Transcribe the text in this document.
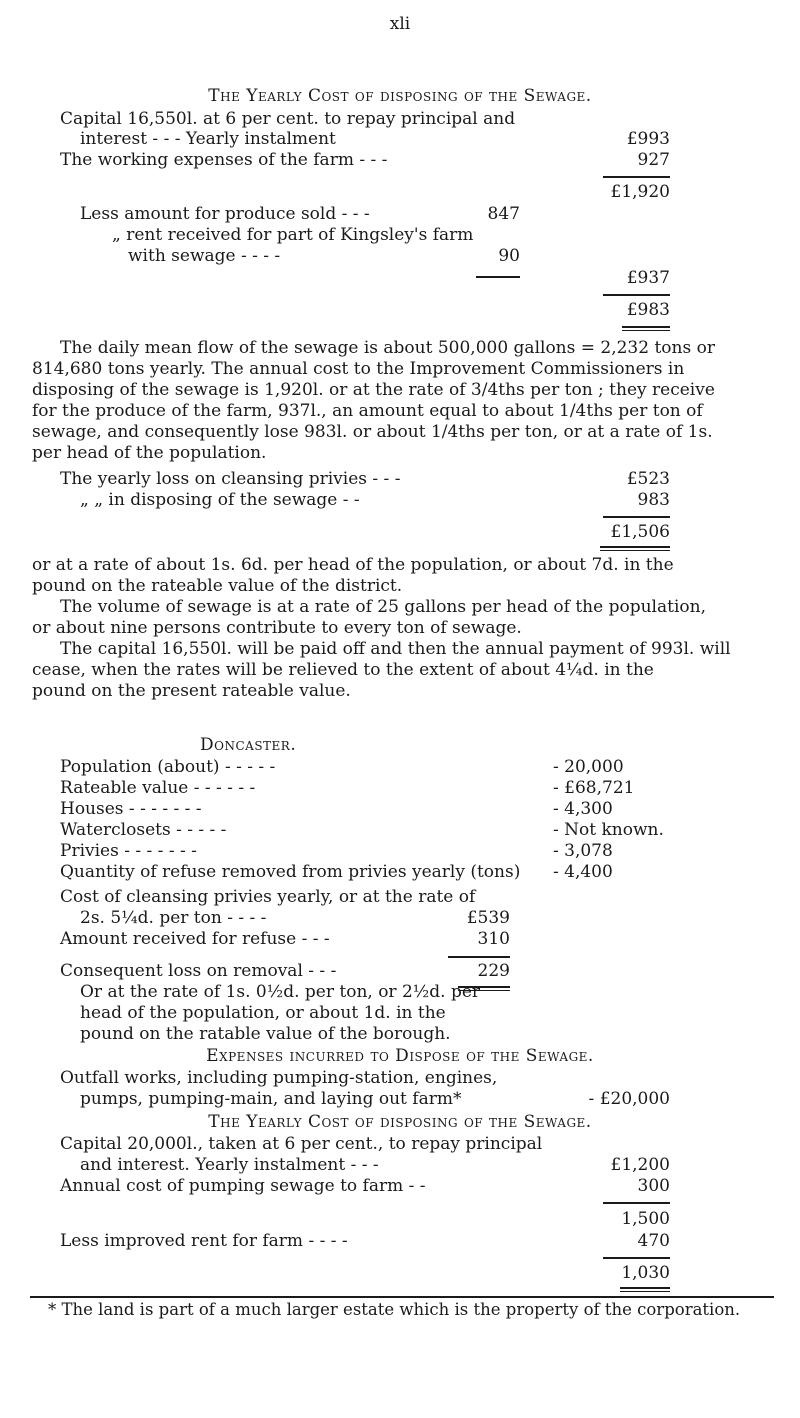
xli
The Yearly Cost of disposing of the Sewage.
Capital 16,550l. at 6 per cent. to repay principal and
interest - - - Yearly instalment	£993
The working expenses of the farm - - -	927
£1,920
Less amount for produce sold - - -	847
„ rent received for part of Kingsley's farm
with sewage - - - -	90
£937
£983
The daily mean flow of the sewage is about 500,000 gallons = 2,232 tons or
814,680 tons yearly. The annual cost to the Improvement Commissioners in
disposing of the sewage is 1,920l. or at the rate of 3/4ths per ton ; they receive
for the produce of the farm, 937l., an amount equal to about 1/4ths per ton of
sewage, and consequently lose 983l. or about 1/4ths per ton, or at a rate of 1s.
per head of the population.
The yearly loss on cleansing privies - - -	£523
„ „ in disposing of the sewage - -	983
£1,506
or at a rate of about 1s. 6d. per head of the population, or about 7d. in the
pound on the rateable value of the district.
The volume of sewage is at a rate of 25 gallons per head of the population,
or about nine persons contribute to every ton of sewage.
The capital 16,550l. will be paid off and then the annual payment of 993l. will
cease, when the rates will be relieved to the extent of about 4¼d. in the
pound on the present rateable value.
Doncaster.
Population (about) - - - - -	- 20,000
Rateable value - - - - - -	- £68,721
Houses - - - - - - -	- 4,300
Waterclosets - - - - -	- Not known.
Privies - - - - - - -	- 3,078
Quantity of refuse removed from privies yearly (tons) - 4,400
Cost of cleansing privies yearly, or at the rate of
2s. 5¼d. per ton - - - -	£539
Amount received for refuse - - -	310
Consequent loss on removal - - -	229
Or at the rate of 1s. 0½d. per ton, or 2½d. per
head of the population, or about 1d. in the
pound on the ratable value of the borough.
Expenses incurred to Dispose of the Sewage.
Outfall works, including pumping-station, engines,
pumps, pumping-main, and laying out farm*	- £20,000
The Yearly Cost of disposing of the Sewage.
Capital 20,000l., taken at 6 per cent., to repay principal
and interest. Yearly instalment - - -	£1,200
Annual cost of pumping sewage to farm - -	300
1,500
Less improved rent for farm - - - -	470
1,030
* The land is part of a much larger estate which is the property of the corporation.
